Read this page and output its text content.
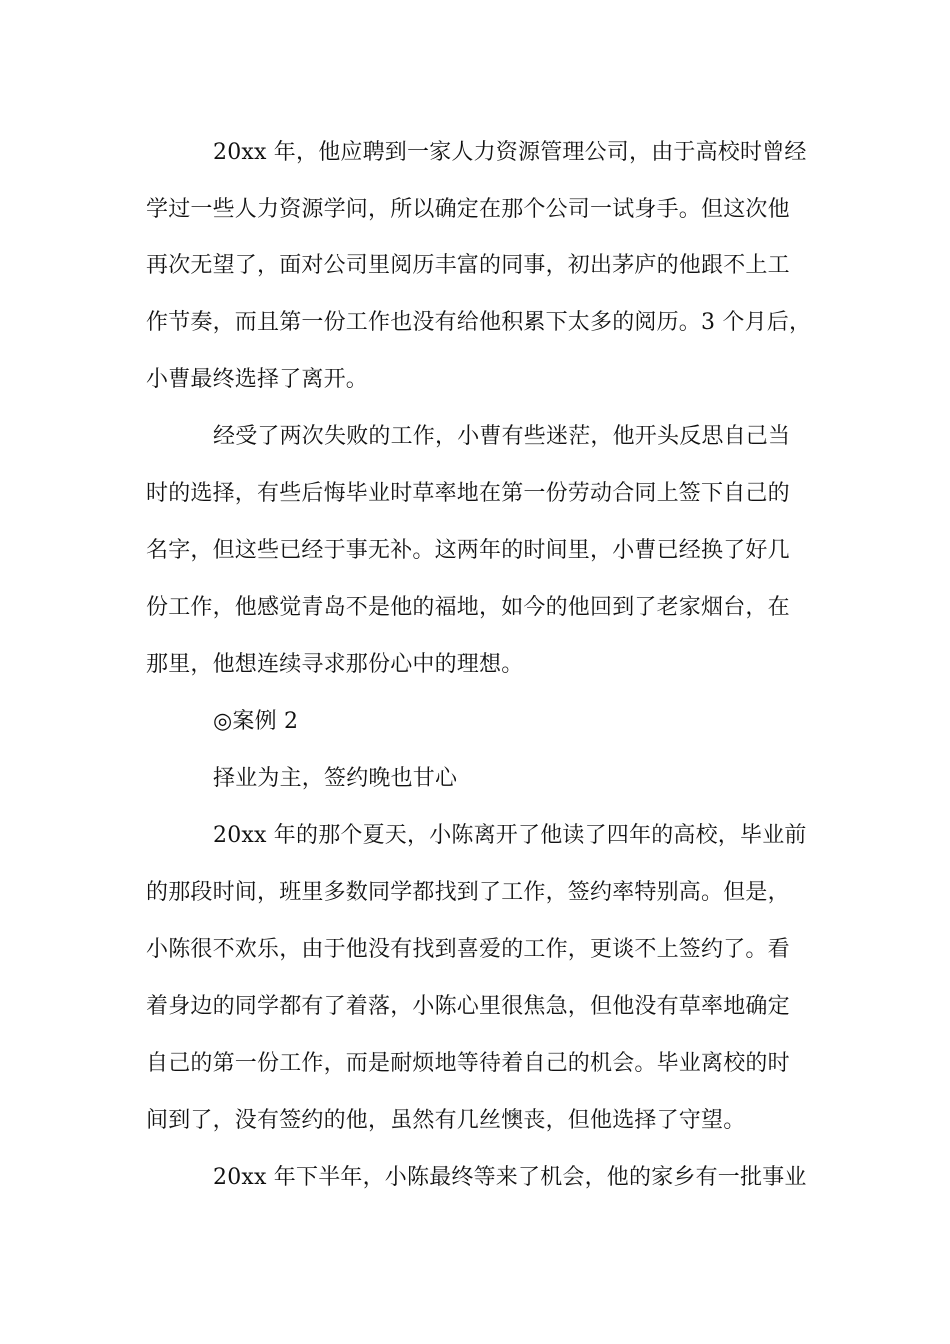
20xx 年，他应聘到一家人力资源管理公司，由于高校时曾经
学过一些人力资源学问，所以确定在那个公司一试身手。但这次他
再次无望了，面对公司里阅历丰富的同事，初出茅庐的他跟不上工
作节奏，而且第一份工作也没有给他积累下太多的阅历。3 个月后，
小曹最终选择了离开。
经受了两次失败的工作，小曹有些迷茫，他开头反思自己当
时的选择，有些后悔毕业时草率地在第一份劳动合同上签下自己的
名字，但这些已经于事无补。这两年的时间里，小曹已经换了好几
份工作，他感觉青岛不是他的福地，如今的他回到了老家烟台，在
那里，他想连续寻求那份心中的理想。
◎案例 2
择业为主，签约晚也甘心
20xx 年的那个夏天，小陈离开了他读了四年的高校，毕业前
的那段时间，班里多数同学都找到了工作，签约率特别高。但是，
小陈很不欢乐，由于他没有找到喜爱的工作，更谈不上签约了。看
着身边的同学都有了着落，小陈心里很焦急，但他没有草率地确定
自己的第一份工作，而是耐烦地等待着自己的机会。毕业离校的时
间到了，没有签约的他，虽然有几丝懊丧，但他选择了守望。
20xx 年下半年，小陈最终等来了机会，他的家乡有一批事业
